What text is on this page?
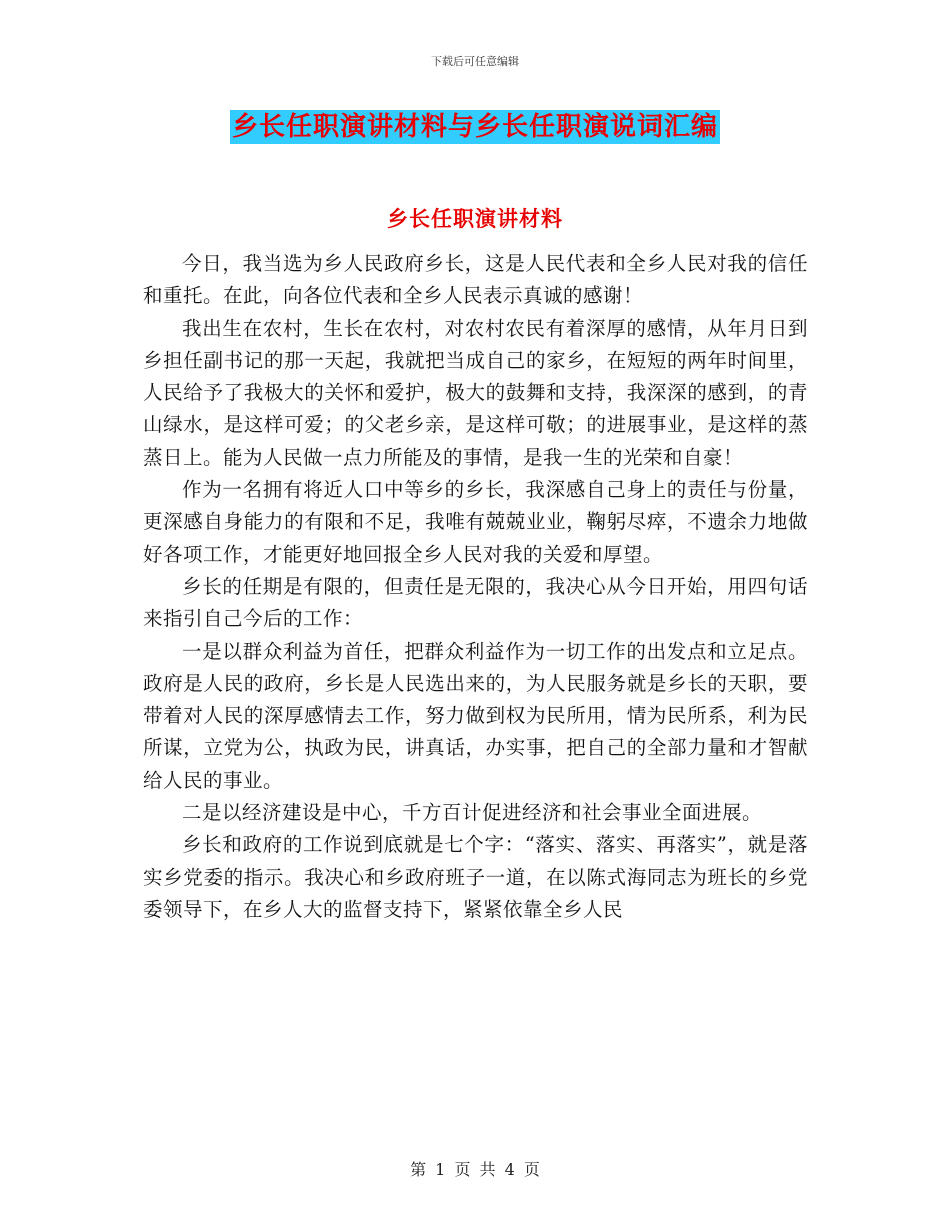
下载后可任意编辑
乡长任职演讲材料与乡长任职演说词汇编
乡长任职演讲材料

今日，我当选为乡人民政府乡长，这是人民代表和全乡人民对我的信任和重托。在此，向各位代表和全乡人民表示真诚的感谢！

我出生在农村，生长在农村，对农村农民有着深厚的感情，从年月日到乡担任副书记的那一天起，我就把当成自己的家乡，在短短的两年时间里，人民给予了我极大的关怀和爱护，极大的鼓舞和支持，我深深的感到，的青山绿水，是这样可爱；的父老乡亲，是这样可敬；的进展事业，是这样的蒸蒸日上。能为人民做一点力所能及的事情，是我一生的光荣和自豪！

作为一名拥有将近人口中等乡的乡长，我深感自己身上的责任与份量，更深感自身能力的有限和不足，我唯有兢兢业业，鞠躬尽瘁，不遗余力地做好各项工作，才能更好地回报全乡人民对我的关爱和厚望。

乡长的任期是有限的，但责任是无限的，我决心从今日开始，用四句话来指引自己今后的工作：

一是以群众利益为首任，把群众利益作为一切工作的出发点和立足点。政府是人民的政府，乡长是人民选出来的，为人民服务就是乡长的天职，要带着对人民的深厚感情去工作，努力做到权为民所用，情为民所系，利为民所谋，立党为公，执政为民，讲真话，办实事，把自己的全部力量和才智献给人民的事业。

二是以经济建设是中心，千方百计促进经济和社会事业全面进展。

乡长和政府的工作说到底就是七个字：“落实、落实、再落实”，就是落实乡党委的指示。我决心和乡政府班子一道，在以陈式海同志为班长的乡党委领导下，在乡人大的监督支持下，紧紧依靠全乡人民

第 1 页 共 4 页
